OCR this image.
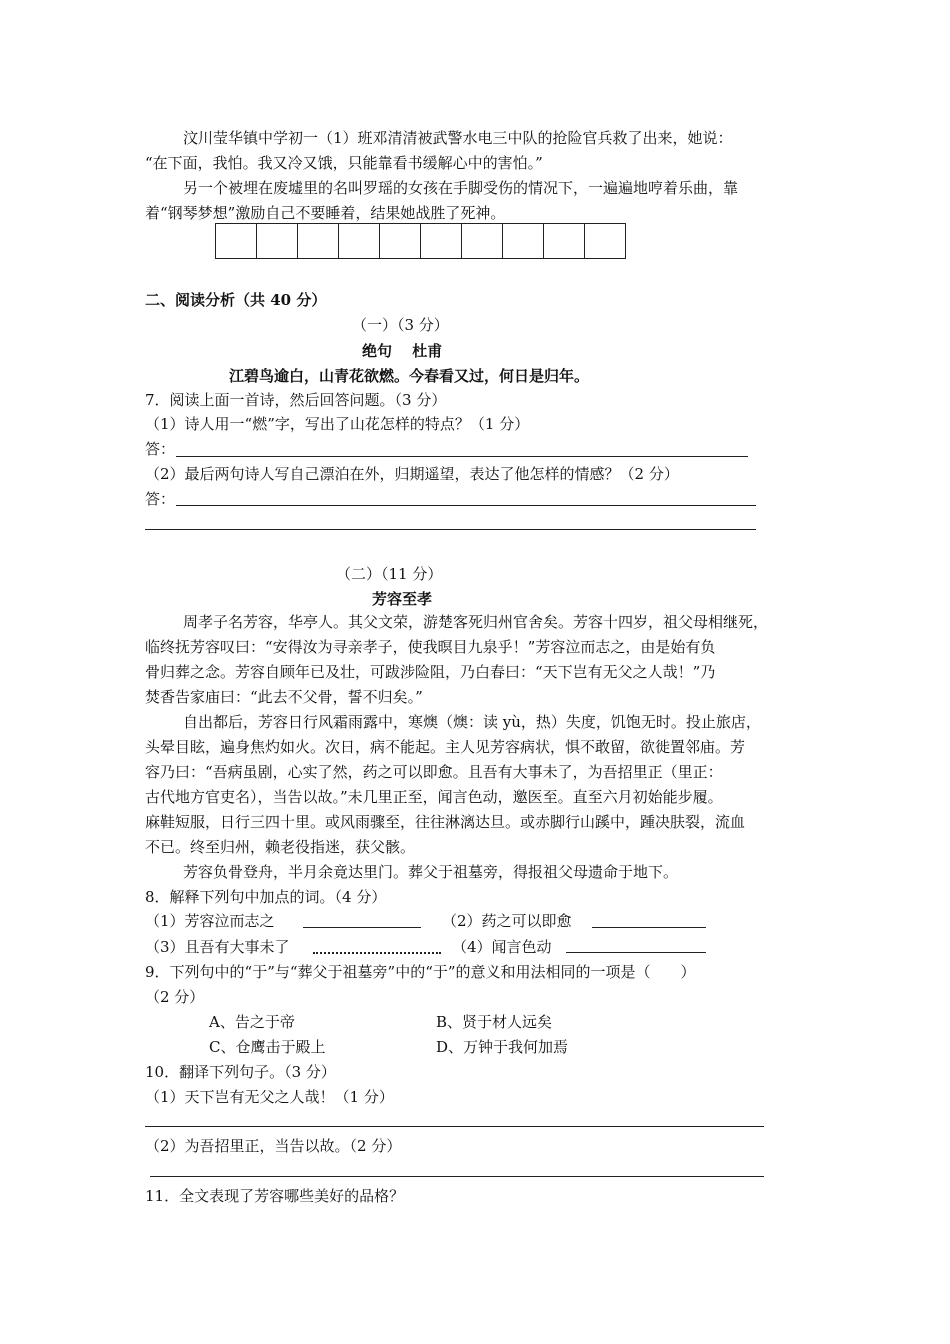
汶川莹华镇中学初一（1）班邓清清被武警水电三中队的抢险官兵救了出来，她说：
“在下面，我怕。我又冷又饿，只能靠看书缓解心中的害怕。”
另一个被埋在废墟里的名叫罗瑶的女孩在手脚受伤的情况下，一遍遍地哼着乐曲，靠
着“钢琴梦想”激励自己不要睡着，结果她战胜了死神。
二、阅读分析（共 40 分）
（一）（3 分）
绝句　 杜甫
江碧鸟逾白，山青花欲燃。今春看又过，何日是归年。
7．阅读上面一首诗，然后回答问题。（3 分）
（1）诗人用一“燃”字，写出了山花怎样的特点？（1 分）
答：
（2）最后两句诗人写自己漂泊在外，归期遥望，表达了他怎样的情感？（2 分）
答：
（二）（11 分）
芳容至孝
周孝子名芳容，华亭人。其父文荣，游楚客死归州官舍矣。芳容十四岁，祖父母相继死，
临终抚芳容叹曰：“安得汝为寻亲孝子，使我暝目九泉乎！”芳容泣而志之，由是始有负
骨归葬之念。芳容自顾年已及壮，可跋涉险阻，乃白春曰：“天下岂有无父之人哉！”乃
焚香告家庙曰：“此去不父骨，誓不归矣。”
自出都后，芳容日行风霜雨露中，寒燠（燠：读 yù，热）失度，饥饱无时。投止旅店，
头晕目眩，遍身焦灼如火。次日，病不能起。主人见芳容病状，惧不敢留，欲徙置邻庙。芳
容乃曰：“吾病虽剧，心实了然，药之可以即愈。且吾有大事未了，为吾招里正（里正：
古代地方官吏名），当告以故。”未几里正至，闻言色动，邀医至。直至六月初始能步履。
麻鞋短服，日行三四十里。或风雨骤至，往往淋漓达旦。或赤脚行山蹊中，踵决肤裂，流血
不已。终至归州，赖老役指迷，获父骸。
芳容负骨登舟，半月余竟达里门。葬父于祖墓旁，得报祖父母遗命于地下。
8．解释下列句中加点的词。（4 分）
（1）芳容泣而志之	（2）药之可以即愈
（3）且吾有大事未了	（4）闻言色动
9．下列句中的“于”与“葬父于祖墓旁”中的“于”的意义和用法相同的一项是（　　）
（2 分）
A、告之于帝	B、贤于材人远矣
C、仓鹰击于殿上	D、万钟于我何加焉
10．翻译下列句子。（3 分）
（1）天下岂有无父之人哉！（1 分）
（2）为吾招里正，当告以故。（2 分）
11．全文表现了芳容哪些美好的品格？
